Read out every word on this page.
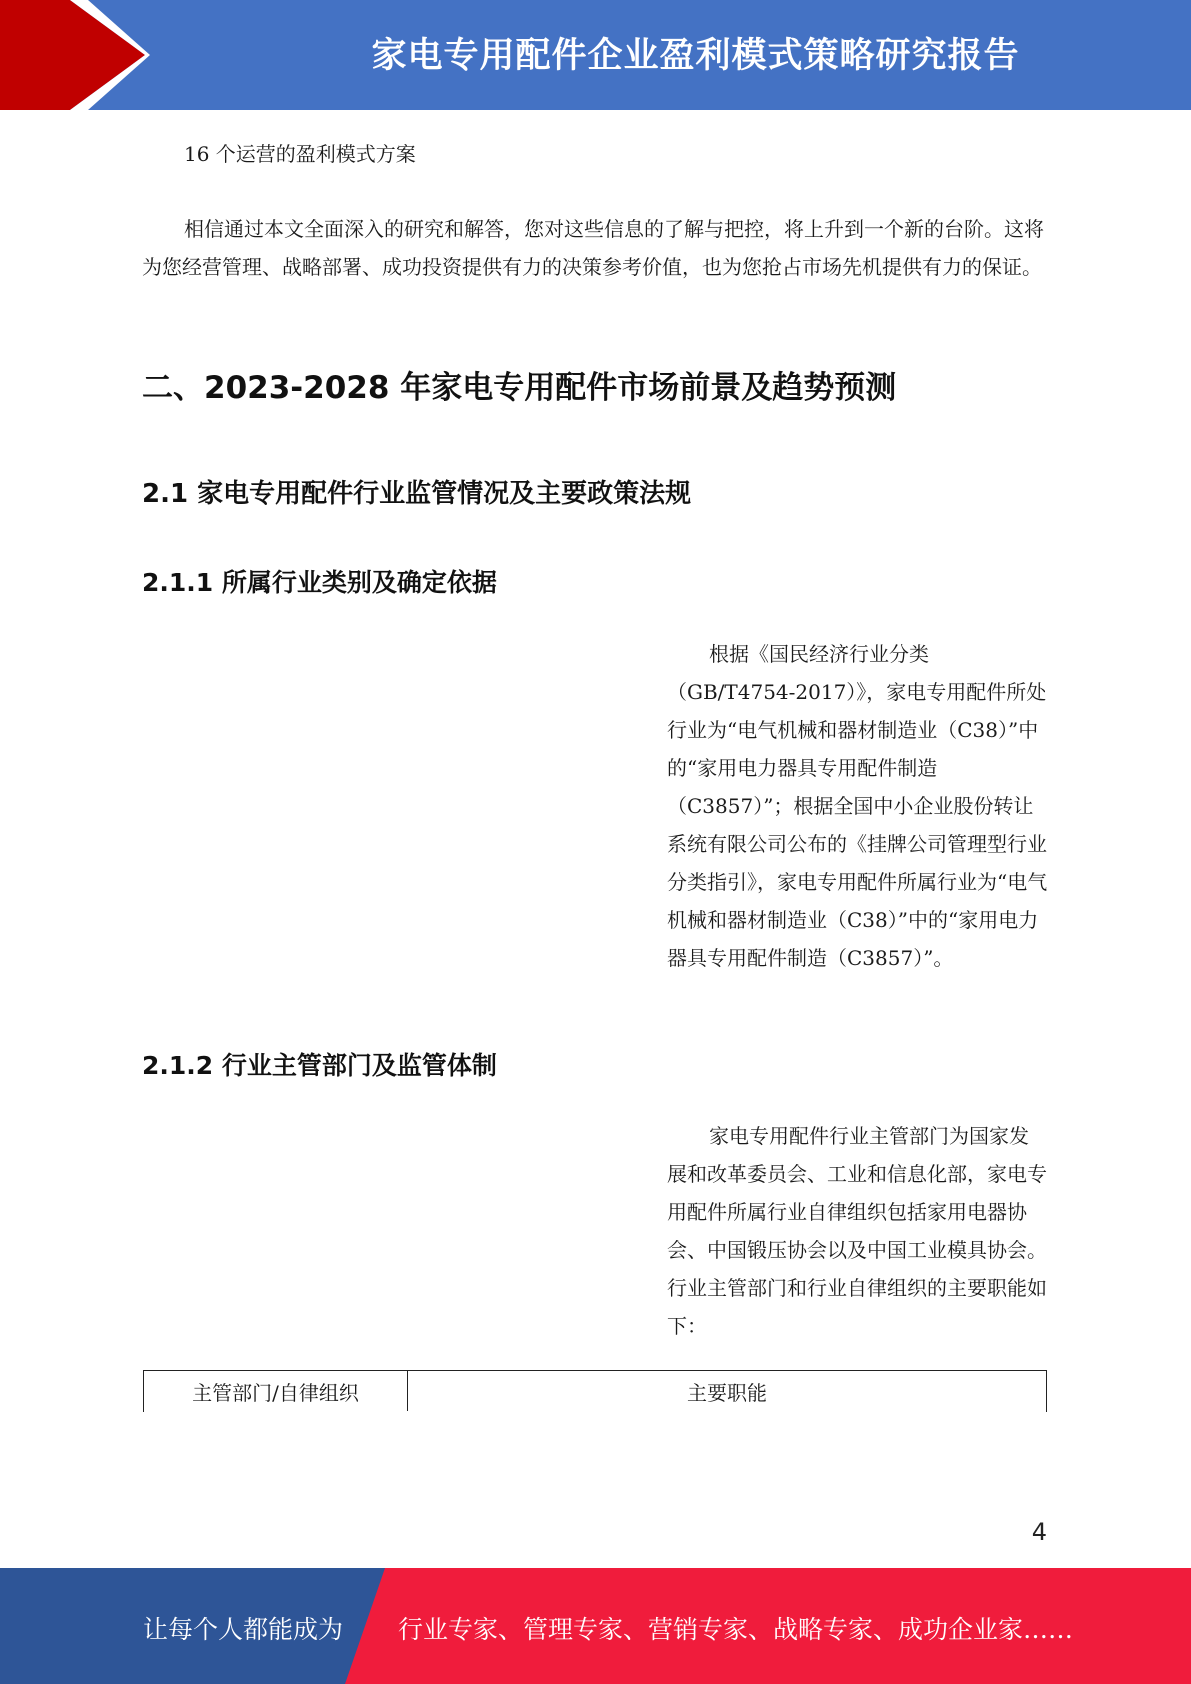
家电专用配件企业盈利模式策略研究报告

16 个运营的盈利模式方案

相信通过本文全面深入的研究和解答，您对这些信息的了解与把控，将上升到一个新的台阶。这将为您经营管理、战略部署、成功投资提供有力的决策参考价值，也为您抢占市场先机提供有力的保证。

二、2023-2028 年家电专用配件市场前景及趋势预测
2.1 家电专用配件行业监管情况及主要政策法规
2.1.1 所属行业类别及确定依据

根据《国民经济行业分类（GB/T4754-2017）》，家电专用配件所处行业为“电气机械和器材制造业（C38）”中的“家用电力器具专用配件制造（C3857）”；根据全国中小企业股份转让系统有限公司公布的《挂牌公司管理型行业分类指引》，家电专用配件所属行业为“电气机械和器材制造业（C38）”中的“家用电力器具专用配件制造（C3857）”。

2.1.2 行业主管部门及监管体制

家电专用配件行业主管部门为国家发展和改革委员会、工业和信息化部，家电专用配件所属行业自律组织包括家用电器协会、中国锻压协会以及中国工业模具协会。行业主管部门和行业自律组织的主要职能如下：

主管部门/自律组织	主要职能
4
让每个人都能成为 行业专家、管理专家、营销专家、战略专家、成功企业家……
